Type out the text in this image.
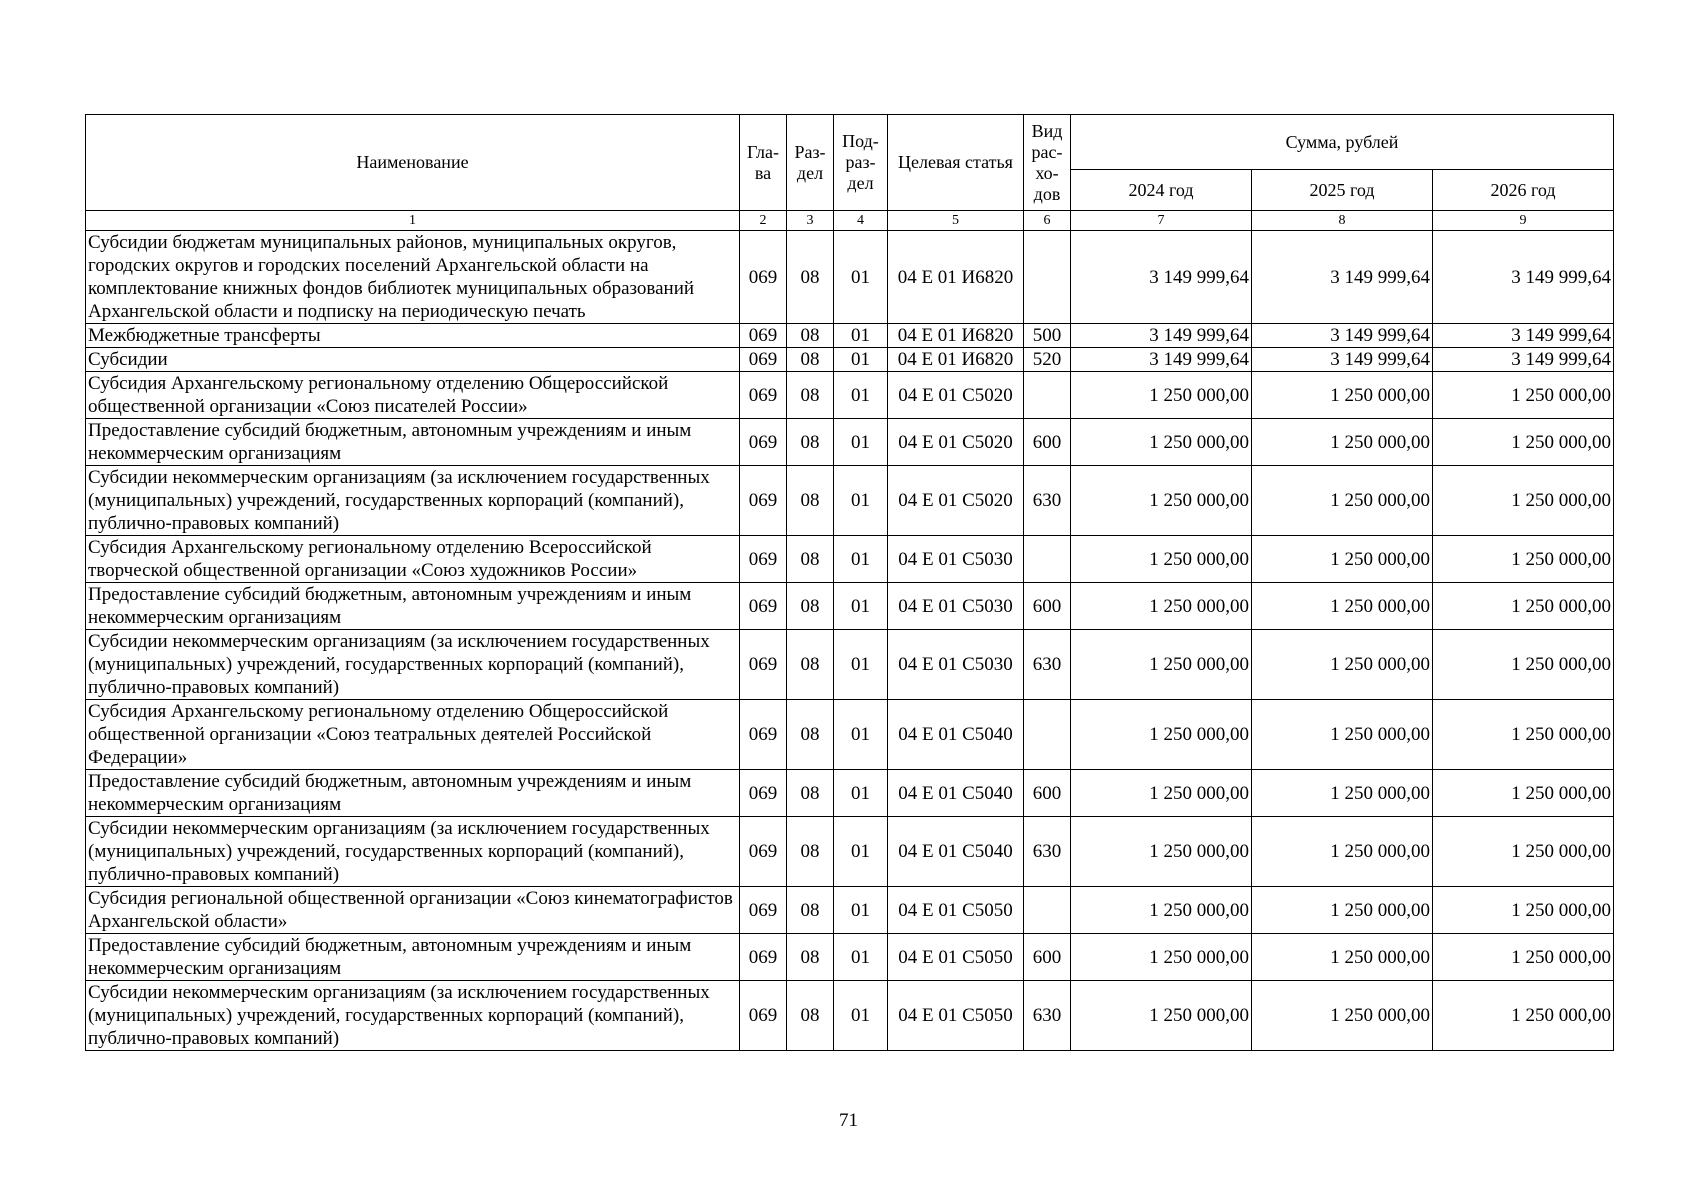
Наименование	Гла-ва	Раз-дел	Под-раз-дел	Целевая статья	Вид рас-хо-дов	Сумма, рублей		
						2024 год	2025 год	2026 год
1	2	3	4	5	6	7	8	9
Субсидии бюджетам муниципальных районов, муниципальных округов, городских округов и городских поселений Архангельской области на комплектование книжных фондов библиотек муниципальных образований Архангельской области и подписку на периодическую печать	069	08	01	04 Е 01 И6820		3 149 999,64	3 149 999,64	3 149 999,64
Межбюджетные трансферты	069	08	01	04 Е 01 И6820	500	3 149 999,64	3 149 999,64	3 149 999,64
Субсидии	069	08	01	04 Е 01 И6820	520	3 149 999,64	3 149 999,64	3 149 999,64
Субсидия Архангельскому региональному отделению Общероссийской общественной организации «Союз писателей России»	069	08	01	04 Е 01 С5020		1 250 000,00	1 250 000,00	1 250 000,00
Предоставление субсидий бюджетным, автономным учреждениям и иным некоммерческим организациям	069	08	01	04 Е 01 С5020	600	1 250 000,00	1 250 000,00	1 250 000,00
Субсидии некоммерческим организациям (за исключением государственных (муниципальных) учреждений, государственных корпораций (компаний), публично-правовых компаний)	069	08	01	04 Е 01 С5020	630	1 250 000,00	1 250 000,00	1 250 000,00
Субсидия Архангельскому региональному отделению Всероссийской творческой общественной организации «Союз художников России»	069	08	01	04 Е 01 С5030		1 250 000,00	1 250 000,00	1 250 000,00
Предоставление субсидий бюджетным, автономным учреждениям и иным некоммерческим организациям	069	08	01	04 Е 01 С5030	600	1 250 000,00	1 250 000,00	1 250 000,00
Субсидии некоммерческим организациям (за исключением государственных (муниципальных) учреждений, государственных корпораций (компаний), публично-правовых компаний)	069	08	01	04 Е 01 С5030	630	1 250 000,00	1 250 000,00	1 250 000,00
Субсидия Архангельскому региональному отделению Общероссийской общественной организации «Союз театральных деятелей Российской Федерации»	069	08	01	04 Е 01 С5040		1 250 000,00	1 250 000,00	1 250 000,00
Предоставление субсидий бюджетным, автономным учреждениям и иным некоммерческим организациям	069	08	01	04 Е 01 С5040	600	1 250 000,00	1 250 000,00	1 250 000,00
Субсидии некоммерческим организациям (за исключением государственных (муниципальных) учреждений, государственных корпораций (компаний), публично-правовых компаний)	069	08	01	04 Е 01 С5040	630	1 250 000,00	1 250 000,00	1 250 000,00
Субсидия региональной общественной организации «Союз кинематографистов Архангельской области»	069	08	01	04 Е 01 С5050		1 250 000,00	1 250 000,00	1 250 000,00
Предоставление субсидий бюджетным, автономным учреждениям и иным некоммерческим организациям	069	08	01	04 Е 01 С5050	600	1 250 000,00	1 250 000,00	1 250 000,00
Субсидии некоммерческим организациям (за исключением государственных (муниципальных) учреждений, государственных корпораций (компаний), публично-правовых компаний)	069	08	01	04 Е 01 С5050	630	1 250 000,00	1 250 000,00	1 250 000,00
71
